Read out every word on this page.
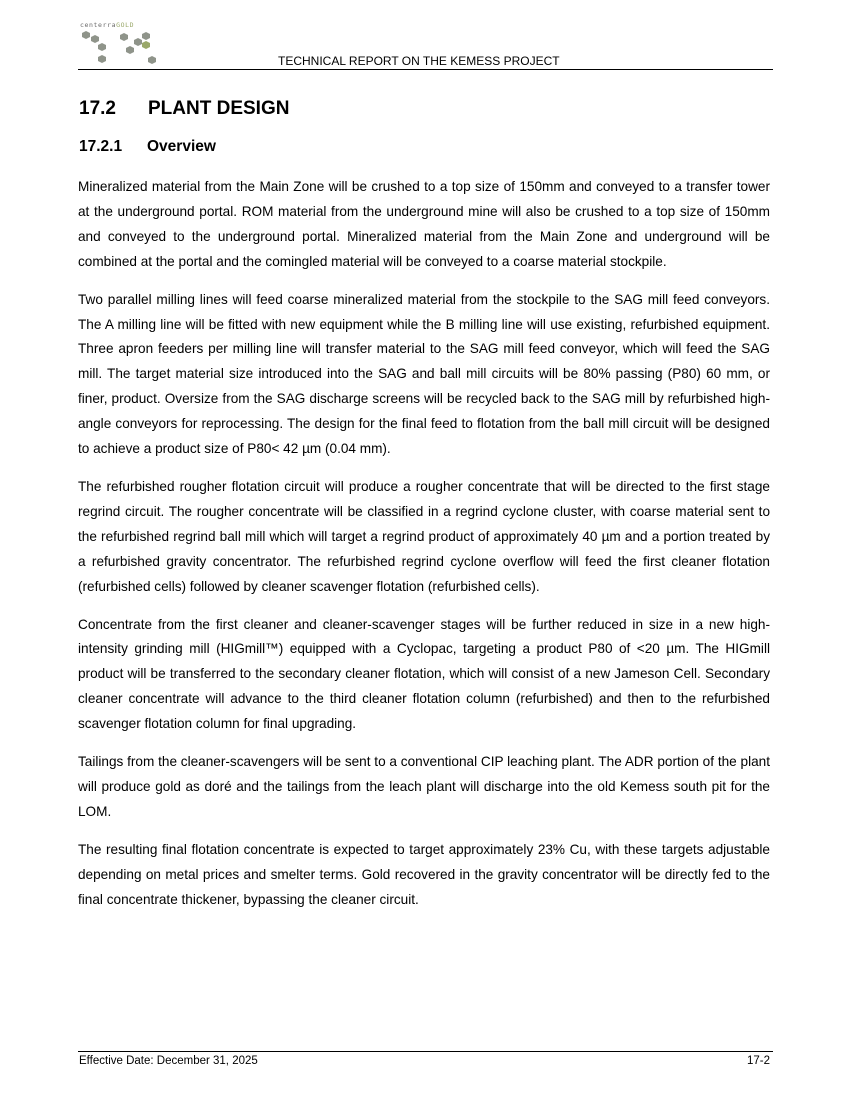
centerraGOLD
TECHNICAL REPORT ON THE KEMESS PROJECT
17.2 PLANT DESIGN
17.2.1 Overview

Mineralized material from the Main Zone will be crushed to a top size of 150mm and conveyed to a transfer tower at the underground portal. ROM material from the underground mine will also be crushed to a top size of 150mm and conveyed to the underground portal. Mineralized material from the Main Zone and underground will be combined at the portal and the comingled material will be conveyed to a coarse material stockpile.

Two parallel milling lines will feed coarse mineralized material from the stockpile to the SAG mill feed conveyors. The A milling line will be fitted with new equipment while the B milling line will use existing, refurbished equipment. Three apron feeders per milling line will transfer material to the SAG mill feed conveyor, which will feed the SAG mill. The target material size introduced into the SAG and ball mill circuits will be 80% passing (P80) 60 mm, or finer, product. Oversize from the SAG discharge screens will be recycled back to the SAG mill by refurbished high-angle conveyors for reprocessing. The design for the final feed to flotation from the ball mill circuit will be designed to achieve a product size of P80< 42 µm (0.04 mm).

The refurbished rougher flotation circuit will produce a rougher concentrate that will be directed to the first stage regrind circuit. The rougher concentrate will be classified in a regrind cyclone cluster, with coarse material sent to the refurbished regrind ball mill which will target a regrind product of approximately 40 µm and a portion treated by a refurbished gravity concentrator. The refurbished regrind cyclone overflow will feed the first cleaner flotation (refurbished cells) followed by cleaner scavenger flotation (refurbished cells).

Concentrate from the first cleaner and cleaner-scavenger stages will be further reduced in size in a new high-intensity grinding mill (HIGmill™) equipped with a Cyclopac, targeting a product P80 of <20 µm. The HIGmill product will be transferred to the secondary cleaner flotation, which will consist of a new Jameson Cell. Secondary cleaner concentrate will advance to the third cleaner flotation column (refurbished) and then to the refurbished scavenger flotation column for final upgrading.

Tailings from the cleaner-scavengers will be sent to a conventional CIP leaching plant. The ADR portion of the plant will produce gold as doré and the tailings from the leach plant will discharge into the old Kemess south pit for the LOM.

The resulting final flotation concentrate is expected to target approximately 23% Cu, with these targets adjustable depending on metal prices and smelter terms. Gold recovered in the gravity concentrator will be directly fed to the final concentrate thickener, bypassing the cleaner circuit.

Effective Date: December 31, 2025	17-2
